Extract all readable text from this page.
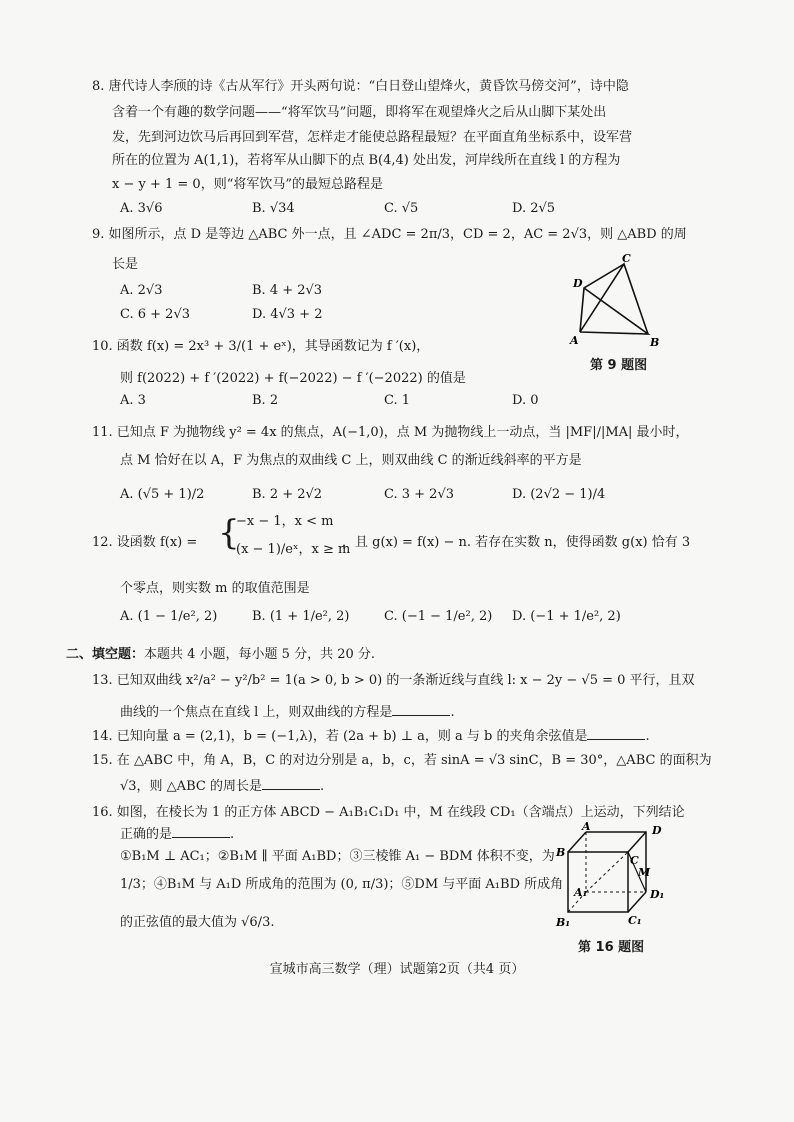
8. 唐代诗人李颀的诗《古从军行》开头两句说：“白日登山望烽火，黄昏饮马傍交河”，诗中隐
含着一个有趣的数学问题——“将军饮马”问题，即将军在观望烽火之后从山脚下某处出
发，先到河边饮马后再回到军营，怎样走才能使总路程最短？在平面直角坐标系中，设军营
所在的位置为 A(1,1)，若将军从山脚下的点 B(4,4) 处出发，河岸线所在直线 l 的方程为
x − y + 1 = 0，则“将军饮马”的最短总路程是
A. 3√6	B. √34	C. √5	D. 2√5
9. 如图所示，点 D 是等边 △ABC 外一点，且 ∠ADC = 2π/3，CD = 2，AC = 2√3，则 △ABD 的周
长是
A. 2√3	B. 4 + 2√3
C. 6 + 2√3	D. 4√3 + 2
C
D
A	B
第 9 题图
10. 函数 f(x) = 2x³ + 3/(1 + eˣ)，其导函数记为 f ′(x)，
则 f(2022) + f ′(2022) + f(−2022) − f ′(−2022) 的值是
A. 3	B. 2	C. 1	D. 0
11. 已知点 F 为抛物线 y² = 4x 的焦点，A(−1,0)，点 M 为抛物线上一动点，当 |MF|/|MA| 最小时，
点 M 恰好在以 A，F 为焦点的双曲线 C 上，则双曲线 C 的渐近线斜率的平方是
A. (√5 + 1)/2	B. 2 + 2√2	C. 3 + 2√3	D. (2√2 − 1)/4
12. 设函数 f(x) = {
−x − 1，x < m
(x − 1)/eˣ，x ≥ m
，且 g(x) = f(x) − n. 若存在实数 n，使得函数 g(x) 恰有 3
个零点，则实数 m 的取值范围是
A. (1 − 1/e², 2)	B. (1 + 1/e², 2)	C. (−1 − 1/e², 2) D. (−1 + 1/e², 2)
二、填空题：本题共 4 小题，每小题 5 分，共 20 分.
13. 已知双曲线 x²/a² − y²/b² = 1(a > 0, b > 0) 的一条渐近线与直线 l: x − 2y − √5 = 0 平行，且双
曲线的一个焦点在直线 l 上，则双曲线的方程是	.
14. 已知向量 a = (2,1)，b = (−1,λ)，若 (2a + b) ⊥ a，则 a 与 b 的夹角余弦值是	.
15. 在 △ABC 中，角 A，B，C 的对边分别是 a，b，c，若 sinA = √3 sinC，B = 30°，△ABC 的面积为
√3，则 △ABC 的周长是	.
16. 如图，在棱长为 1 的正方体 ABCD − A₁B₁C₁D₁ 中，M 在线段 CD₁（含端点）上运动，下列结论
正确的是	.
①B₁M ⊥ AC₁；②B₁M ∥ 平面 A₁BD；③三棱锥 A₁ − BDM 体积不变，为
1/3；④B₁M 与 A₁D 所成角的范围为 (0, π/3)；⑤DM 与平面 A₁BD 所成角
的正弦值的最大值为 √6/3.
A	D
B
C
M
A₁	D₁
B₁	C₁
第 16 题图
宣城市高三数学（理）试题第2页（共4 页）
